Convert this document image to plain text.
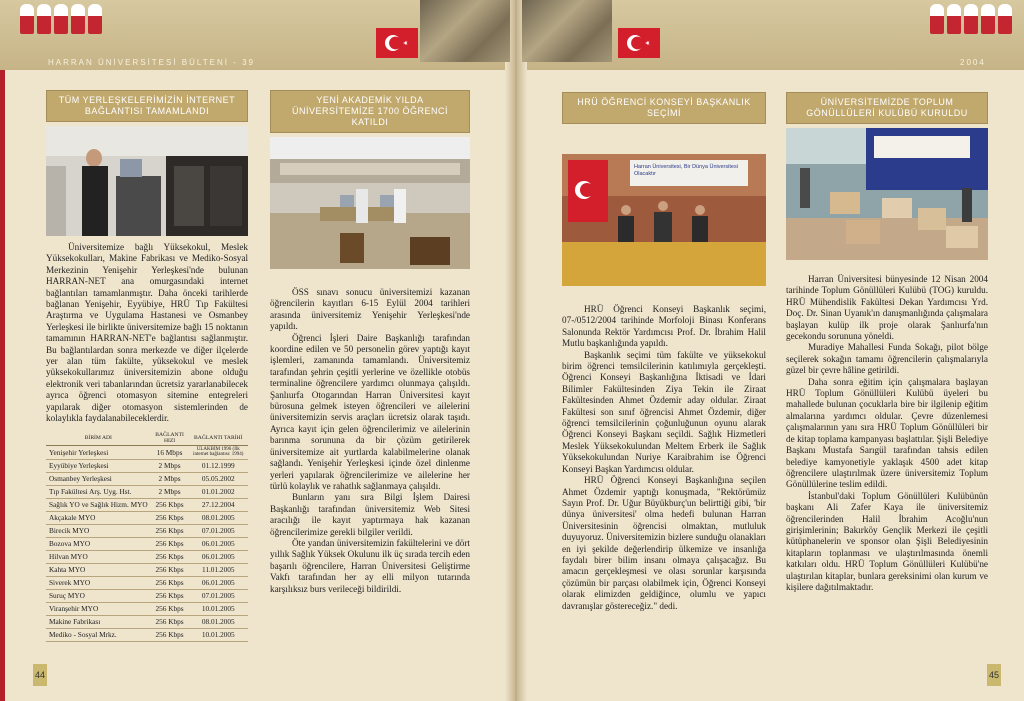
HARRAN ÜNİVERSİTESİ BÜLTENİ - 39	2004
TÜM YERLEŞKELERİMİZİN İNTERNET BAĞLANTISI TAMAMLANDI

Üniversitemize bağlı Yüksekokul, Meslek Yüksekokulları, Makine Fabrikası ve Mediko-Sosyal Merkezinin Yenişehir Yerleşkesi'nde bulunan HARRAN-NET ana omurgasındaki internet bağlantıları tamamlanmıştır. Daha önceki tarihlerde bağlanan Yenişehir, Eyyübiye, HRÜ Tıp Fakültesi Araştırma ve Uygulama Hastanesi ve Osmanbey Yerleşkesi ile birlikte üniversitemize bağlı 15 noktanın tamamının HARRAN-NET'e bağlantısı sağlanmıştır. Bu bağlantılardan sonra merkezde ve diğer ilçelerde yer alan tüm fakülte, yüksekokul ve meslek yüksekokullarımız üniversitemizin abone olduğu elektronik veri tabanlarından ücretsiz yararlanabilecek ayrıca öğrenci otomasyon sitemine entegreleri yapılarak diğer otomasyon sistemlerinden de kolaylıkla faydalanabileceklerdir.

BİRİM ADI	BAĞLANTI HIZI	BAĞLANTI TARİHİ
Yenişehir Yerleşkesi	16 Mbps	ULAKBİM 1996 (İlk internet bağlantısı: 1994)
Eyyübiye Yerleşkesi	2 Mbps	01.12.1999
Osmanbey Yerleşkesi	2 Mbps	05.05.2002
Tıp Fakültesi Arş. Uyg. Hst.	2 Mbps	01.01.2002
Sağlık YO ve Sağlık Hizm. MYO	256 Kbps	27.12.2004
Akçakale MYO	256 Kbps	08.01.2005
Birecik MYO	256 Kbps	07.01.2005
Bozova MYO	256 Kbps	06.01.2005
Hilvan MYO	256 Kbps	06.01.2005
Kahta MYO	256 Kbps	11.01.2005
Siverek MYO	256 Kbps	06.01.2005
Suruç MYO	256 Kbps	07.01.2005
Viranşehir MYO	256 Kbps	10.01.2005
Makine Fabrikası	256 Kbps	08.01.2005
Mediko - Sosyal Mrkz.	256 Kbps	10.01.2005
YENİ AKADEMİK YILDA ÜNİVERSİTEMİZE 1700 ÖĞRENCİ KATILDI

ÖSS sınavı sonucu üniversitemizi kazanan öğrencilerin kayıtları 6-15 Eylül 2004 tarihleri arasında üniversitemiz Yenişehir Yerleşkesi'nde yapıldı.

Öğrenci İşleri Daire Başkanlığı tarafından koordine edilen ve 50 personelin görev yaptığı kayıt işlemleri, zamanında tamamlandı. Üniversitemiz tarafından şehrin çeşitli yerlerine ve özellikle otobüs terminaline öğrencilere yardımcı olunmaya çalışıldı. Şanlıurfa Otogarından Harran Üniversitesi kayıt bürosuna gelmek isteyen öğrencileri ve ailelerini üniversitemizin servis araçları ücretsiz olarak taşıdı. Ayrıca kayıt için gelen öğrencilerimiz ve ailelerinin barınma sorununa da bir çözüm getirilerek üniversitemize ait yurtlarda kalabilmelerine olanak sağlandı. Yenişehir Yerleşkesi içinde özel dinlenme yerleri yapılarak öğrencilerimize ve ailelerine her türlü kolaylık ve rahatlık sağlanmaya çalışıldı.

Bunların yanı sıra Bilgi İşlem Dairesi Başkanlığı tarafından üniversitemiz Web Sitesi aracılığı ile kayıt yaptırmaya hak kazanan öğrencilerimize gerekli bilgiler verildi.

Öte yandan üniversitemizin fakültelerini ve dört yıllık Sağlık Yüksek Okulunu ilk üç sırada tercih eden başarılı öğrencilere, Harran Üniversitesi Geliştirme Vakfı tarafından her ay elli milyon tutarında karşılıksız burs verileceği bildirildi.

HRÜ ÖĞRENCİ KONSEYİ BAŞKANLIK SEÇİMİ
Harran Üniversitesi, Bir Dünya Üniversitesi Olacaktır

HRÜ Öğrenci Konseyi Başkanlık seçimi, 07-/0512/2004 tarihinde Morfoloji Binası Konferans Salonunda Rektör Yardımcısı Prof. Dr. İbrahim Halil Mutlu başkanlığında yapıldı.

Başkanlık seçimi tüm fakülte ve yüksekokul birim öğrenci temsilcilerinin katılımıyla gerçekleşti. Öğrenci Konseyi Başkanlığına İktisadi ve İdari Bilimler Fakültesinden Ziya Tekin ile Ziraat Fakültesinden Ahmet Özdemir aday oldular. Ziraat Fakültesi son sınıf öğrencisi Ahmet Özdemir, diğer öğrenci temsilcilerinin çoğunluğunun oyunu alarak Öğrenci Konseyi Başkanı seçildi. Sağlık Hizmetleri Meslek Yüksekokulundan Meltem Erberk ile Sağlık Yüksekokulundan Nuriye Karaibrahim ise Öğrenci Konseyi Başkan Yardımcısı oldular.

HRÜ Öğrenci Konseyi Başkanlığına seçilen Ahmet Özdemir yaptığı konuşmada, "Rektörümüz Sayın Prof. Dr. Uğur Büyükburç'un belirttiği gibi, 'bir dünya üniversitesi' olma hedefi bulunan Harran Üniversitesinin öğrencisi olmaktan, mutluluk duyuyoruz. Üniversitemizin bizlere sunduğu olanakları en iyi şekilde değerlendirip ülkemize ve insanlığa faydalı birer bilim insanı olmaya çalışacağız. Bu amacın gerçekleşmesi ve olası sorunlar karşısında çözümün bir parçası olabilmek için, Öğrenci Konseyi olarak elimizden geldiğince, olumlu ve yapıcı davranışlar göstereceğiz." dedi.

ÜNİVERSİTEMİZDE TOPLUM GÖNÜLLÜLERİ KULÜBÜ KURULDU

Harran Üniversitesi bünyesinde 12 Nisan 2004 tarihinde Toplum Gönüllüleri Kulübü (TOG) kuruldu. HRÜ Mühendislik Fakültesi Dekan Yardımcısı Yrd. Doç. Dr. Sinan Uyanık'ın danışmanlığında çalışmalara başlayan kulüp ilk proje olarak Şanlıurfa'nın gecekondu sorununa yöneldi.

Muradiye Mahallesi Funda Sokağı, pilot bölge seçilerek sokağın tamamı öğrencilerin çalışmalarıyla güzel bir çevre hâline getirildi.

Daha sonra eğitim için çalışmalara başlayan HRÜ Toplum Gönüllüleri Kulübü üyeleri bu mahallede bulunan çocuklarla bire bir ilgilenip eğitim almalarına yardımcı oldular. Çevre düzenlemesi çalışmalarının yanı sıra HRÜ Toplum Gönüllüleri bir de kitap toplama kampanyası başlattılar. Şişli Belediye Başkanı Mustafa Sarıgül tarafından tahsis edilen belediye kamyonetiyle yaklaşık 4500 adet kitap öğrencilere ulaştırılmak üzere üniversitemiz Toplum Gönüllülerine teslim edildi.

İstanbul'daki Toplum Gönüllüleri Kulübünün başkanı Ali Zafer Kaya ile üniversitemiz öğrencilerinden Halil İbrahim Acoğlu'nun girişimlerinin; Bakırköy Gençlik Merkezi ile çeşitli kütüphanelerin ve sponsor olan Şişli Belediyesinin kitapların toplanması ve ulaştırılmasında önemli katkıları oldu. HRÜ Toplum Gönüllüleri Kulübü'ne ulaştırılan kitaplar, bunlara gereksinimi olan kurum ve kişilere dağıtılmaktadır.

44	45
